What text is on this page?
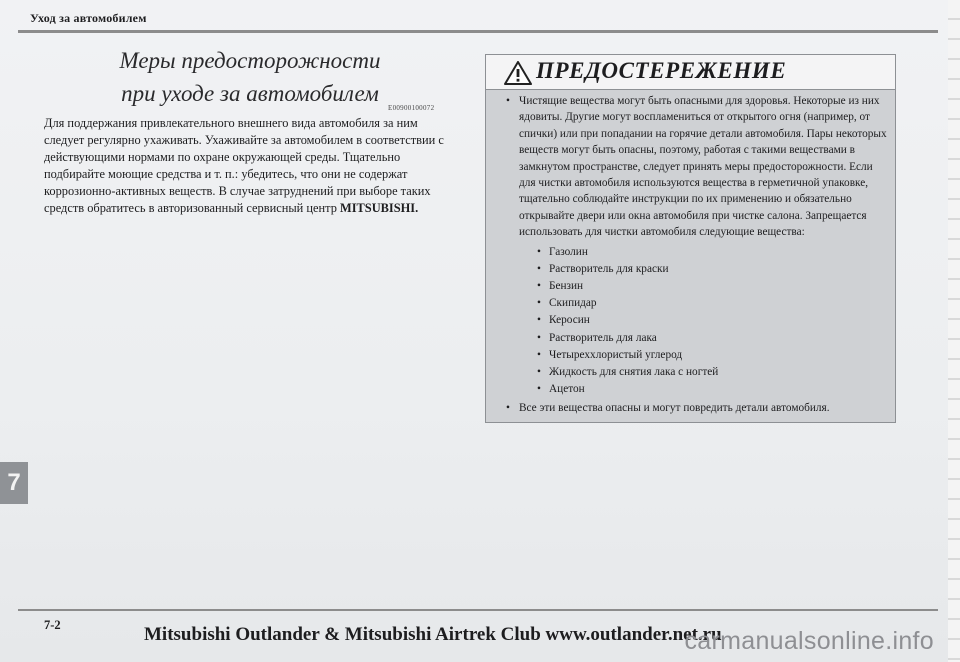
Уход за автомобилем
Меры предосторожности
при уходе за автомобилем
E00900100072

Для поддержания привлекательного внешнего вида автомобиля за ним следует регулярно ухаживать. Ухаживайте за автомобилем в соответствии с действующими нормами по охране окружающей среды. Тщательно подбирайте моющие средства и т. п.: убедитесь, что они не содержат коррозионно-активных веществ. В случае затруднений при выборе таких средств обратитесь в авторизованный сервисный центр MITSUBISHI.

ПРЕДОСТЕРЕЖЕНИЕ
• Чистящие вещества могут быть опасными для здоровья. Некоторые из них ядовиты. Другие могут воспламениться от открытого огня (например, от спички) или при попадании на горячие детали автомобиля. Пары некоторых веществ могут быть опасны, поэтому, работая с такими веществами в замкнутом пространстве, следует принять меры предосторожности. Если для чистки автомобиля используются вещества в герметичной упаковке, тщательно соблюдайте инструкции по их применению и обязательно открывайте двери или окна автомобиля при чистке салона. Запрещается использовать для чистки автомобиля следующие вещества:
• Газолин
• Растворитель для краски
• Бензин
• Скипидар
• Керосин
• Растворитель для лака
• Четыреххлористый углерод
• Жидкость для снятия лака с ногтей
• Ацетон
• Все эти вещества опасны и могут повредить детали автомобиля.
7
7-2	Mitsubishi Outlander & Mitsubishi Airtrek Club www.outlander.net.ru
carmanualsonline.info
